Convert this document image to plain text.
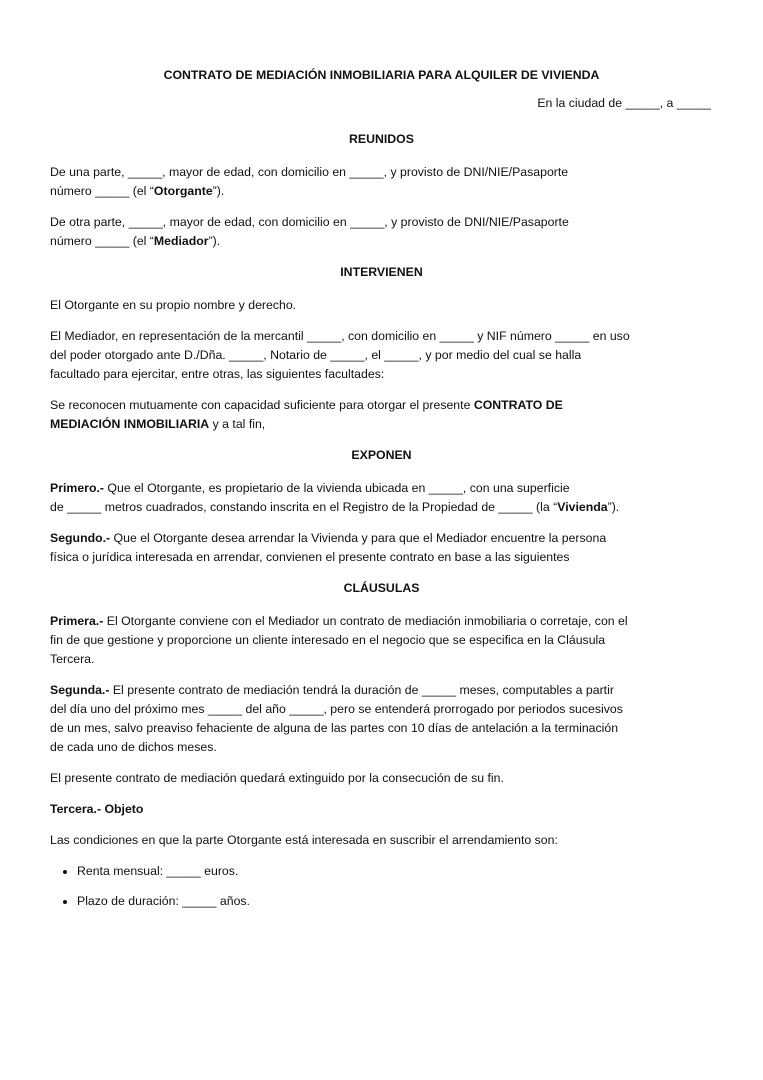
CONTRATO DE MEDIACIÓN INMOBILIARIA PARA ALQUILER DE VIVIENDA
En la ciudad de _____, a _____
REUNIDOS

De una parte, _____, mayor de edad, con domicilio en _____, y provisto de DNI/NIE/Pasaporte
número _____ (el “Otorgante”).

De otra parte, _____, mayor de edad, con domicilio en _____, y provisto de DNI/NIE/Pasaporte
número _____ (el “Mediador”).

INTERVIENEN

El Otorgante en su propio nombre y derecho.

El Mediador, en representación de la mercantil _____, con domicilio en _____ y NIF número _____ en uso
del poder otorgado ante D./Dña. _____, Notario de _____, el _____, y por medio del cual se halla
facultado para ejercitar, entre otras, las siguientes facultades:

Se reconocen mutuamente con capacidad suficiente para otorgar el presente CONTRATO DE
MEDIACIÓN INMOBILIARIA y a tal fin,

EXPONEN

Primero.- Que el Otorgante, es propietario de la vivienda ubicada en _____, con una superficie
de _____ metros cuadrados, constando inscrita en el Registro de la Propiedad de _____ (la “Vivienda”).

Segundo.- Que el Otorgante desea arrendar la Vivienda y para que el Mediador encuentre la persona
física o jurídica interesada en arrendar, convienen el presente contrato en base a las siguientes

CLÁUSULAS

Primera.- El Otorgante conviene con el Mediador un contrato de mediación inmobiliaria o corretaje, con el
fin de que gestione y proporcione un cliente interesado en el negocio que se especifica en la Cláusula
Tercera.

Segunda.- El presente contrato de mediación tendrá la duración de _____ meses, computables a partir
del día uno del próximo mes _____ del año _____, pero se entenderá prorrogado por periodos sucesivos
de un mes, salvo preaviso fehaciente de alguna de las partes con 10 días de antelación a la terminación
de cada uno de dichos meses.

El presente contrato de mediación quedará extinguido por la consecución de su fin.

Tercera.- Objeto

Las condiciones en que la parte Otorgante está interesada en suscribir el arrendamiento son:

• Renta mensual: _____ euros.
• Plazo de duración: _____ años.
